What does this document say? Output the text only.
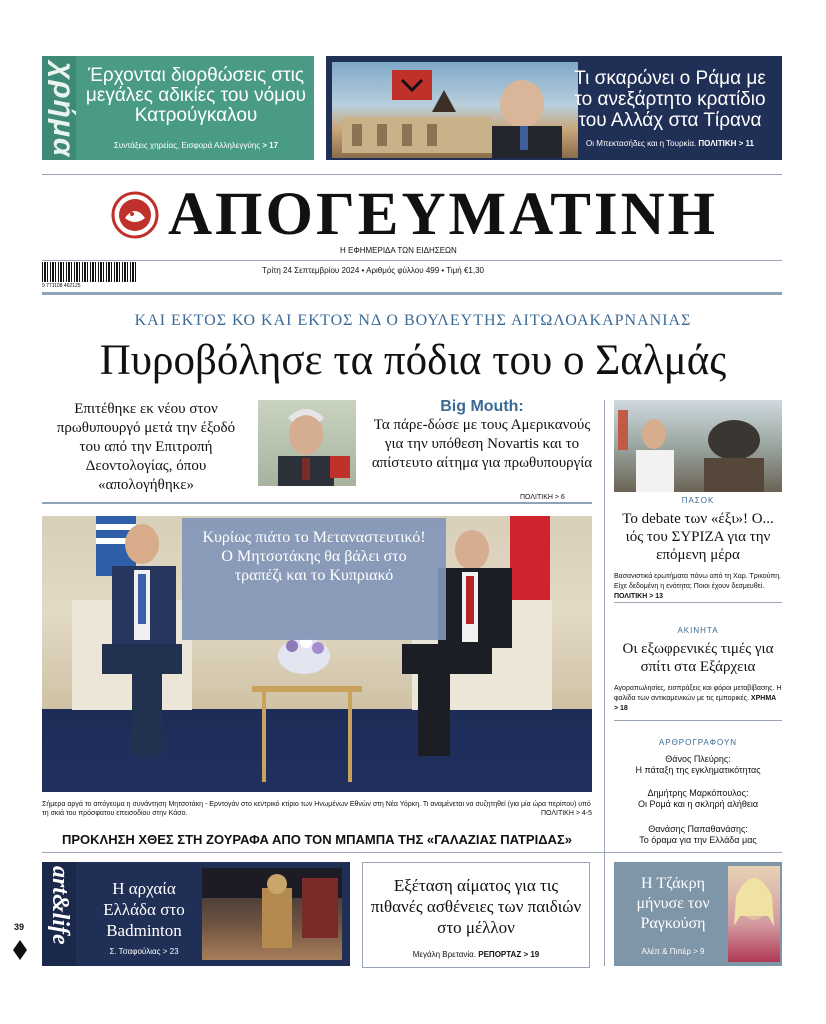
χρήμα Έρχονται διορθώσεις στις μεγάλες αδικίες του νόμου Κατρούγκαλου
Συντάξεις χηρείας, Εισφορά Αλληλεγγύης > 17
Τι σκαρώνει ο Ράμα με το ανεξάρτητο κρατίδιο του Αλλάχ στα Τίρανα
Οι Μπεκτασήδες και η Τουρκία. ΠΟΛΙΤΙΚΗ > 11
ΑΠΟΓΕΥΜΑΤΙΝΗ
Η ΕΦΗΜΕΡΙΔΑ ΤΩΝ ΕΙΔΗΣΕΩΝ
9 771108 462125
Τρίτη 24 Σεπτεμβρίου 2024 • Αριθμός φύλλου 499 • Τιμή €1,30
ΚΑΙ ΕΚΤΟΣ ΚΟ ΚΑΙ ΕΚΤΟΣ ΝΔ Ο ΒΟΥΛΕΥΤΗΣ ΑΙΤΩΛΟΑΚΑΡΝΑΝΙΑΣ
Πυροβόλησε τα πόδια του ο Σαλμάς
Επιτέθηκε εκ νέου στον πρωθυπουργό μετά την έξοδό του από την Επιτροπή Δεοντολογίας, όπου «απολογήθηκε»
Big Mouth:
Τα πάρε-δώσε με τους Αμερικανούς για την υπόθεση Novartis και το απίστευτο αίτημα για πρωθυπουργία
ΠΟΛΙΤΙΚΗ > 6	ΠΑΣΟΚ
Το debate των «έξι»! Ο... ιός του ΣΥΡΙΖΑ για την επόμενη μέρα
Βασανιστικά ερωτήματα πάνω από τη Χαρ. Τρικούπη. Είχε δεδομένη η ενότητα; Ποιοι έχουν δεσμευθεί. ΠΟΛΙΤΙΚΗ > 13
ΑΚΙΝΗΤΑ
Οι εξωφρενικές τιμές για σπίτι στα Εξάρχεια
Αγοραπωλησίες, εισπράξεις και φόροι μεταβίβασης. Η φαλίδα των αντικαμενικών με τις εμπορικές. ΧΡΗΜΑ > 18
ΑΡΘΡΟΓΡΑΦΟΥΝ
Θάνος Πλεύρης:
Η πάταξη της εγκληματικότητας
Δημήτρης Μαρκόπουλος:
Οι Ρομά και η σκληρή αλήθεια
Θανάσης Παπαθανάσης:
Το όραμα για την Ελλάδα μας
Κυρίως πιάτο το Μεταναστευτικό! Ο Μητσοτάκης θα βάλει στο τραπέζι και το Κυπριακό
Σήμερα αργά το απόγευμα η συνάντηση Μητσοτάκη - Ερντογάν στο κεντρικό κτίριο των Ηνωμένων Εθνών στη Νέα Υόρκη. Τι αναμένεται να συζητηθεί (για μία ώρα περίπου) υπό τη σκιά του πρόσφατου επεισοδίου στην Κάσο.	ΠΟΛΙΤΙΚΗ > 4-5
ΠΡΟΚΛΗΣΗ ΧΘΕΣ ΣΤΗ ΖΟΥΡΑΦΑ ΑΠΟ ΤΟΝ ΜΠΑΜΠΑ ΤΗΣ «ΓΑΛΑΖΙΑΣ ΠΑΤΡΙΔΑΣ»
art&life	Η αρχαία Ελλάδα στο Badminton
Σ. Τσαφούλιας > 23
Εξέταση αίματος για τις πιθανές ασθένειες των παιδιών στο μέλλον
Μεγάλη Βρετανία. ΡΕΠΟΡΤΑΖ > 19
Η Τζάκρη μήνυσε τον Ραγκούση
Αλέπ & Πιπέρ > 9
39
